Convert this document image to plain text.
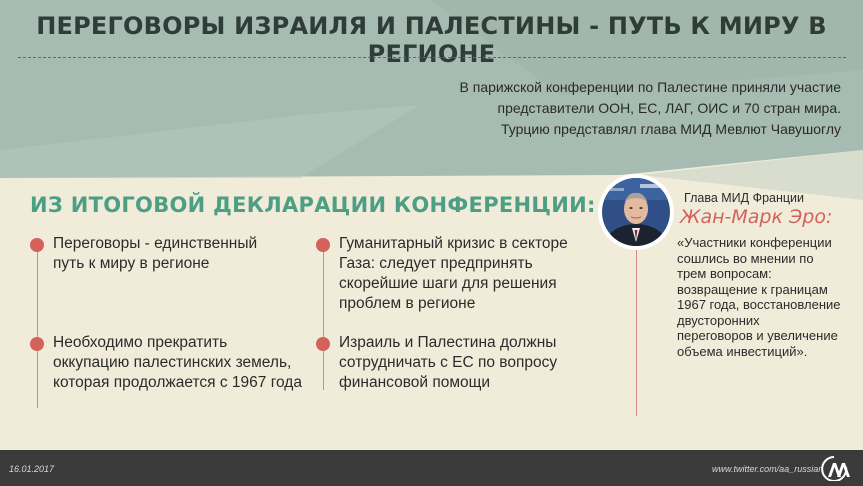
ПЕРЕГОВОРЫ ИЗРАИЛЯ И ПАЛЕСТИНЫ - ПУТЬ К МИРУ В РЕГИОНЕ
В парижской конференции по Палестине приняли участие
представители ООН, ЕС, ЛАГ, ОИС и 70 стран мира.
Турцию представлял глава МИД Мевлют Чавушоглу
ИЗ ИТОГОВОЙ ДЕКЛАРАЦИИ КОНФЕРЕНЦИИ:
Переговоры - единственный
путь к миру в регионе
Необходимо прекратить
оккупацию палестинских земель,
которая продолжается с 1967 года
Гуманитарный кризис в секторе
Газа: следует предпринять
скорейшие шаги для решения
проблем в регионе
Израиль и Палестина должны
сотрудничать с ЕС по вопросу
финансовой помощи
Глава МИД Франции
Жан-Марк Эро:
«Участники конференции
сошлись во мнении по
трем вопросам:
возвращение к границам
1967 года, восстановление
двусторонних
переговоров и увеличение
объема инвестиций».
16.01.2017	www.twitter.com/aa_russian
